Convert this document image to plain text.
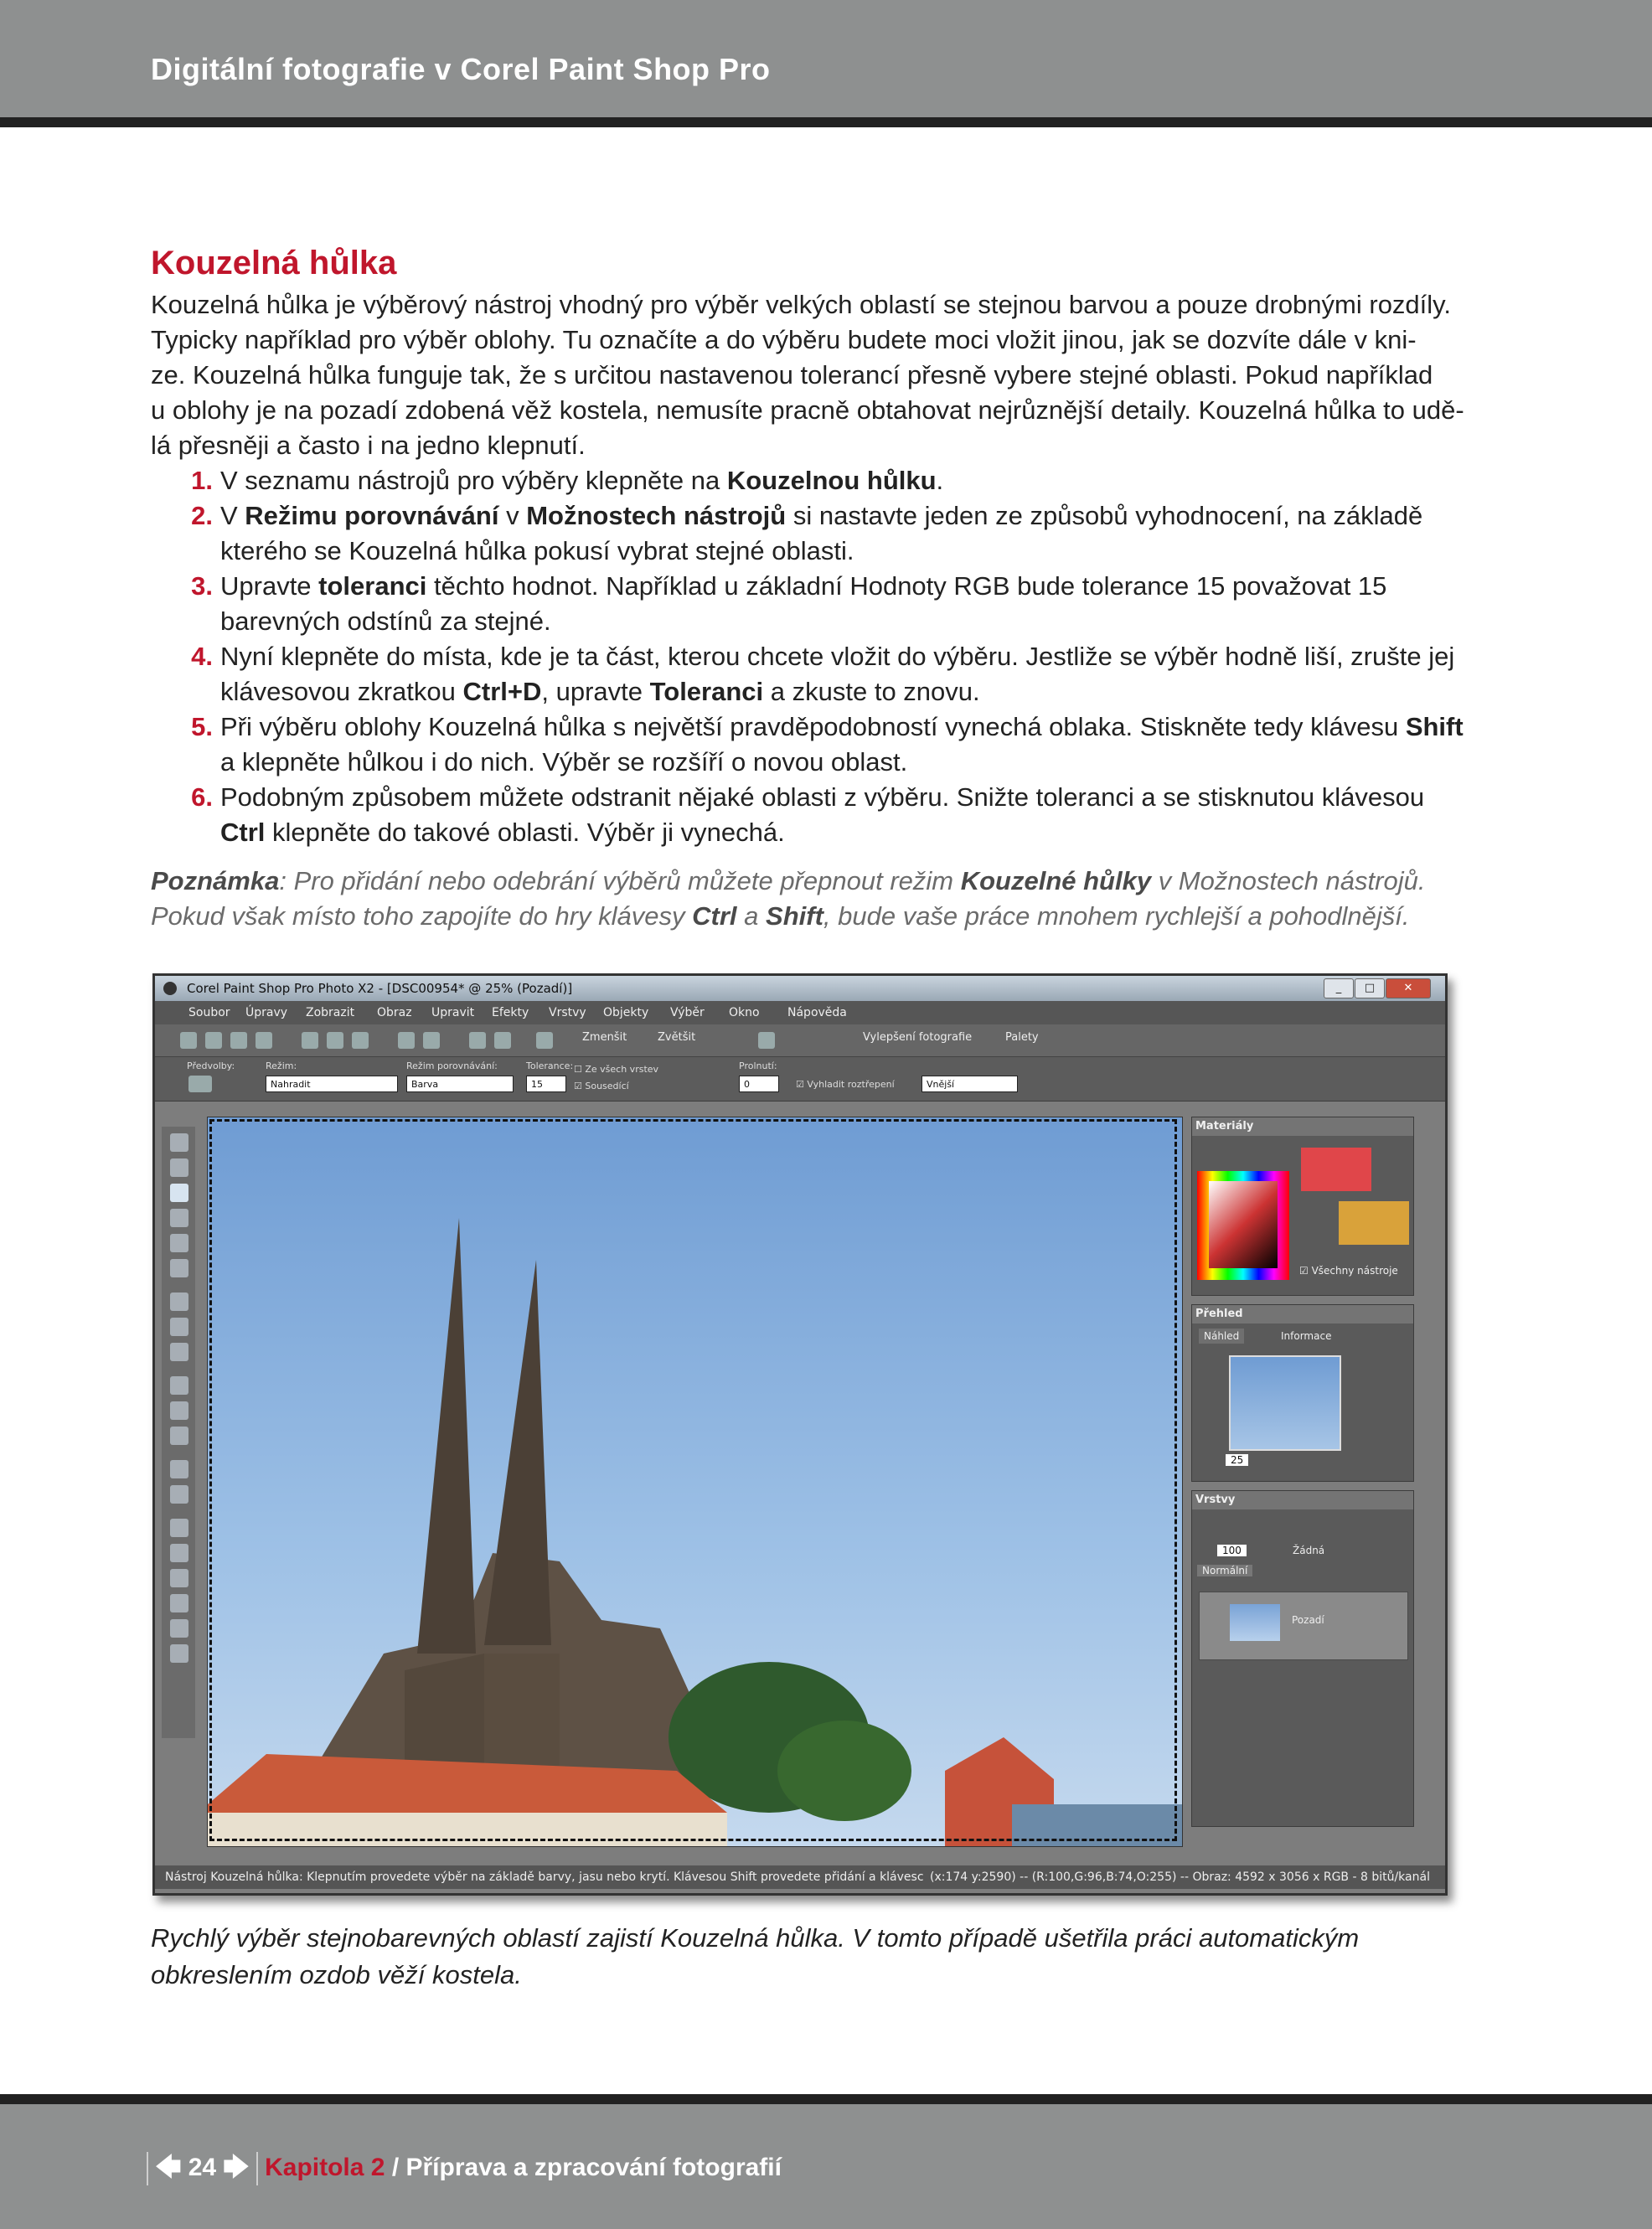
Digitální fotografie v Corel Paint Shop Pro
Kouzelná hůlka

Kouzelná hůlka je výběrový nástroj vhodný pro výběr velkých oblastí se stejnou barvou a pouze drobnými rozdíly.
Typicky například pro výběr oblohy. Tu označíte a do výběru budete moci vložit jinou, jak se dozvíte dále v kni-
ze. Kouzelná hůlka funguje tak, že s určitou nastavenou tolerancí přesně vybere stejné oblasti. Pokud například
u oblohy je na pozadí zdobená věž kostela, nemusíte pracně obtahovat nejrůznější detaily. Kouzelná hůlka to udě-
lá přesněji a často i na jedno klepnutí.

1. V seznamu nástrojů pro výběry klepněte na Kouzelnou hůlku.
2. V Režimu porovnávání v Možnostech nástrojů si nastavte jeden ze způsobů vyhodnocení, na základě
kterého se Kouzelná hůlka pokusí vybrat stejné oblasti.
3. Upravte toleranci těchto hodnot. Například u základní Hodnoty RGB bude tolerance 15 považovat 15
barevných odstínů za stejné.
4. Nyní klepněte do místa, kde je ta část, kterou chcete vložit do výběru. Jestliže se výběr hodně liší, zrušte jej
klávesovou zkratkou Ctrl+D, upravte Toleranci a zkuste to znovu.
5. Při výběru oblohy Kouzelná hůlka s největší pravděpodobností vynechá oblaka. Stiskněte tedy klávesu Shift
a klepněte hůlkou i do nich. Výběr se rozšíří o novou oblast.
6. Podobným způsobem můžete odstranit nějaké oblasti z výběru. Snižte toleranci a se stisknutou klávesou
Ctrl klepněte do takové oblasti. Výběr ji vynechá.

Poznámka: Pro přidání nebo odebrání výběrů můžete přepnout režim Kouzelné hůlky v Možnostech nástrojů.
Pokud však místo toho zapojíte do hry klávesy Ctrl a Shift, bude vaše práce mnohem rychlejší a pohodlnější.

Corel Paint Shop Pro Photo X2 - [DSC00954* @ 25% (Pozadí)]	_	□	✕
Soubor Úpravy Zobrazit Obraz Upravit Efekty Vrstvy Objekty Výběr Okno Nápověda
Zmenšit	Zvětšit	Vylepšení fotografie	Palety
Předvolby:	Režim:
Nahradit
Režim porovnávání:
Barva
Tolerance:
15
☐ Ze všech vrstev
☑ Sousedící
Prolnutí:
0	☑ Vyhladit roztřepení	Vnější
Materiály
☑ Všechny nástroje
Přehled
Náhled	Informace
25
Vrstvy
100	Žádná
Normální
Pozadí
Nástroj Kouzelná hůlka: Klepnutím provedete výběr na základě barvy, jasu nebo krytí. Klávesou Shift provedete přidání a klávesc (x:174 y:2590) -- (R:100,G:96,B:74,O:255) -- Obraz: 4592 x 3056 x RGB - 8 bitů/kanál
Rychlý výběr stejnobarevných oblastí zajistí Kouzelná hůlka. V tomto případě ušetřila práci automatickým
obkreslením ozdob věží kostela.
🡄 24 🡆 Kapitola 2 / Příprava a zpracování fotografií
